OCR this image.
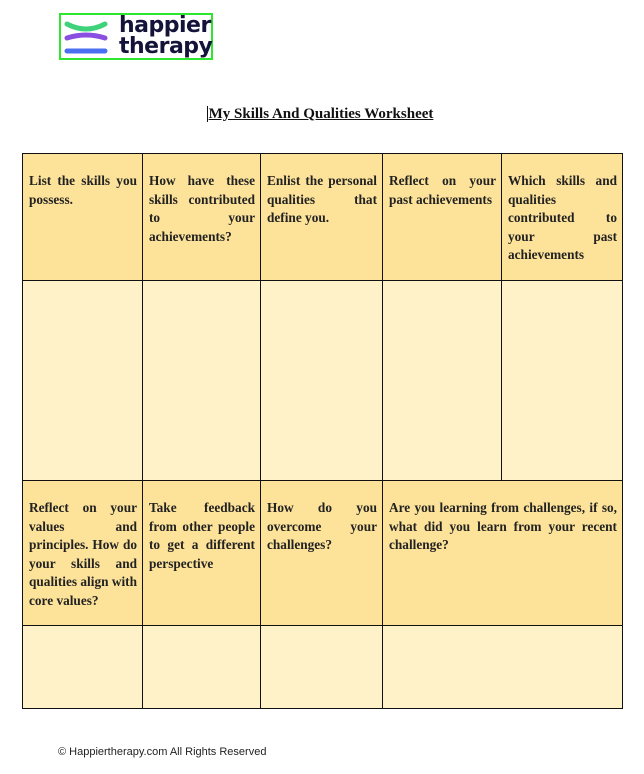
happier
therapy
My Skills And Qualities Worksheet
List the skills you possess.	How have these skills contributed to your achievements?	Enlist the personal qualities that define you.	Reflect on your past achievements	Which skills and qualities contributed to your past achievements

Reflect on your values and principles. How do your skills and qualities align with core values?	Take feedback from other people to get a different perspective	How do you overcome your challenges?	Are you learning from challenges, if so, what did you learn from your recent challenge?	

© Happiertherapy.com All Rights Reserved
